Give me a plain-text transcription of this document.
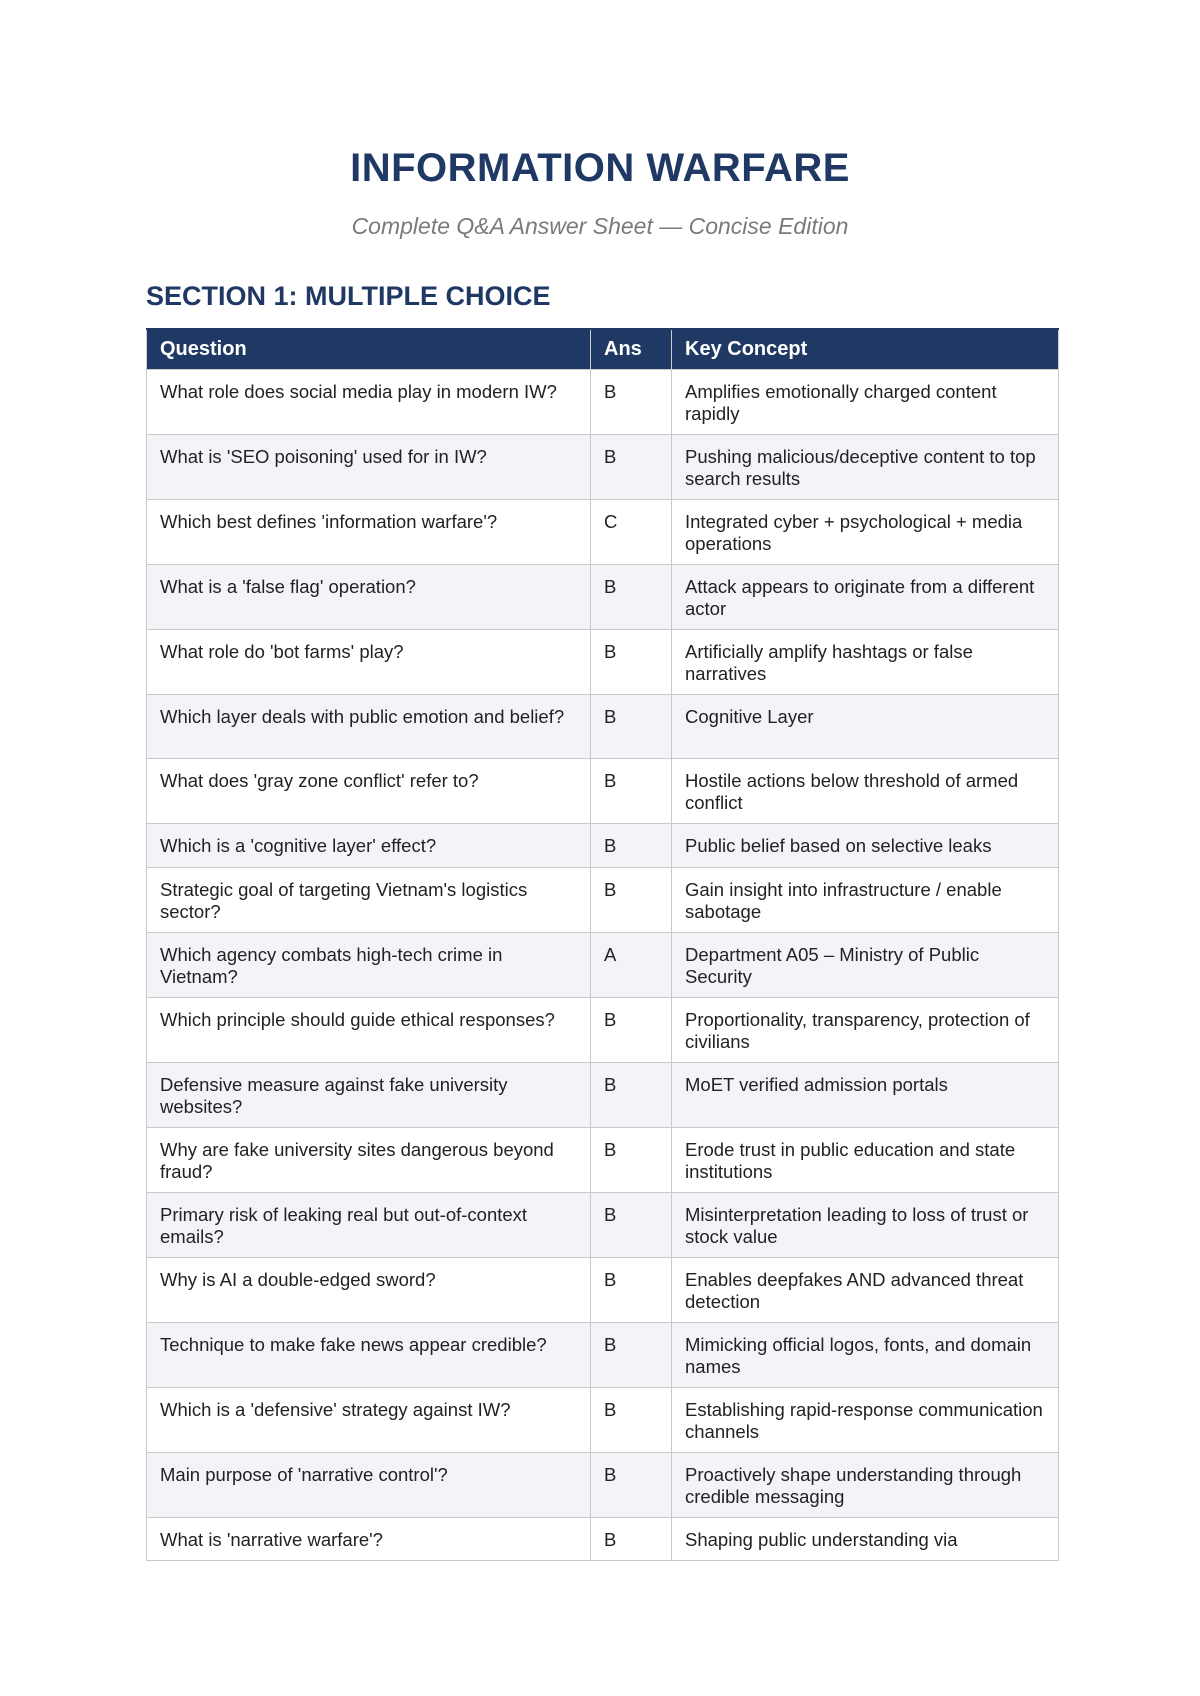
INFORMATION WARFARE
Complete Q&A Answer Sheet — Concise Edition
SECTION 1: MULTIPLE CHOICE
Question	Ans	Key Concept
What role does social media play in modern IW?	B	Amplifies emotionally charged content rapidly
What is 'SEO poisoning' used for in IW?	B	Pushing malicious/deceptive content to top search results
Which best defines 'information warfare'?	C	Integrated cyber + psychological + media operations
What is a 'false flag' operation?	B	Attack appears to originate from a different actor
What role do 'bot farms' play?	B	Artificially amplify hashtags or false narratives
Which layer deals with public emotion and belief?	B	Cognitive Layer
What does 'gray zone conflict' refer to?	B	Hostile actions below threshold of armed conflict
Which is a 'cognitive layer' effect?	B	Public belief based on selective leaks
Strategic goal of targeting Vietnam's logistics sector?	B	Gain insight into infrastructure / enable sabotage
Which agency combats high-tech crime in Vietnam?	A	Department A05 – Ministry of Public Security
Which principle should guide ethical responses?	B	Proportionality, transparency, protection of civilians
Defensive measure against fake university websites?	B	MoET verified admission portals
Why are fake university sites dangerous beyond fraud?	B	Erode trust in public education and state institutions
Primary risk of leaking real but out-of-context emails?	B	Misinterpretation leading to loss of trust or stock value
Why is AI a double-edged sword?	B	Enables deepfakes AND advanced threat detection
Technique to make fake news appear credible?	B	Mimicking official logos, fonts, and domain names
Which is a 'defensive' strategy against IW?	B	Establishing rapid-response communication channels
Main purpose of 'narrative control'?	B	Proactively shape understanding through credible messaging
What is 'narrative warfare'?	B	Shaping public understanding via
